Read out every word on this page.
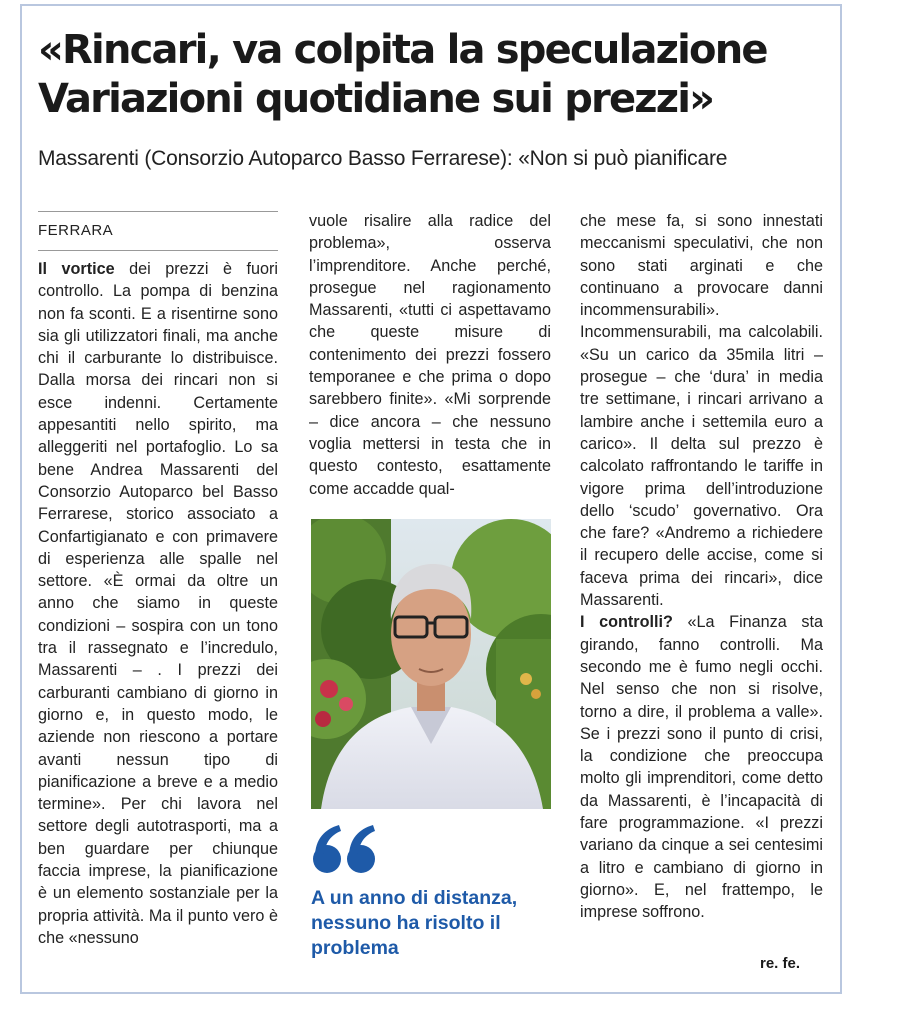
«Rincari, va colpita la speculazione
Variazioni quotidiane sui prezzi»

Massarenti (Consorzio Autoparco Basso Ferrarese): «Non si può pianificare

FERRARA

Il vortice dei prezzi è fuori controllo. La pompa di benzina non fa sconti. E a risentirne sono sia gli utilizzatori finali, ma anche chi il carburante lo distribuisce. Dalla morsa dei rincari non si esce indenni. Certamente appesantiti nello spirito, ma alleggeriti nel portafoglio. Lo sa bene Andrea Massarenti del Consorzio Autoparco bel Basso Ferrarese, storico associato a Confartigianato e con primavere di esperienza alle spalle nel settore. «È ormai da oltre un anno che siamo in queste condizioni – sospira con un tono tra il rassegnato e l’incredulo, Massarenti – . I prezzi dei carburanti cambiano di giorno in giorno e, in questo modo, le aziende non riescono a portare avanti nessun tipo di pianificazione a breve e a medio termine». Per chi lavora nel settore degli autotrasporti, ma a ben guardare per chiunque faccia imprese, la pianificazione è un elemento sostanziale per la propria attività. Ma il punto vero è che «nessuno

vuole risalire alla radice del problema», osserva l’imprenditore. Anche perché, prosegue nel ragionamento Massarenti, «tutti ci aspettavamo che queste misure di contenimento dei prezzi fossero temporanee e che prima o dopo sarebbero finite». «Mi sorprende – dice ancora – che nessuno voglia mettersi in testa che in questo contesto, esattamente come accadde qual-

A un anno di distanza, nessuno ha risolto il problema

che mese fa, si sono innestati meccanismi speculativi, che non sono stati arginati e che continuano a provocare danni incommensurabili». Incommensurabili, ma calcolabili. «Su un carico da 35mila litri – prosegue – che ‘dura’ in media tre settimane, i rincari arrivano a lambire anche i settemila euro a carico». Il delta sul prezzo è calcolato raffrontando le tariffe in vigore prima dell’introduzione dello ‘scudo’ governativo. Ora che fare? «Andremo a richiedere il recupero delle accise, come si faceva prima dei rincari», dice Massarenti.

I controlli? «La Finanza sta girando, fanno controlli. Ma secondo me è fumo negli occhi. Nel senso che non si risolve, torno a dire, il problema a valle». Se i prezzi sono il punto di crisi, la condizione che preoccupa molto gli imprenditori, come detto da Massarenti, è l’incapacità di fare programmazione. «I prezzi variano da cinque a sei centesimi a litro e cambiano di giorno in giorno». E, nel frattempo, le imprese soffrono.

re. fe.
